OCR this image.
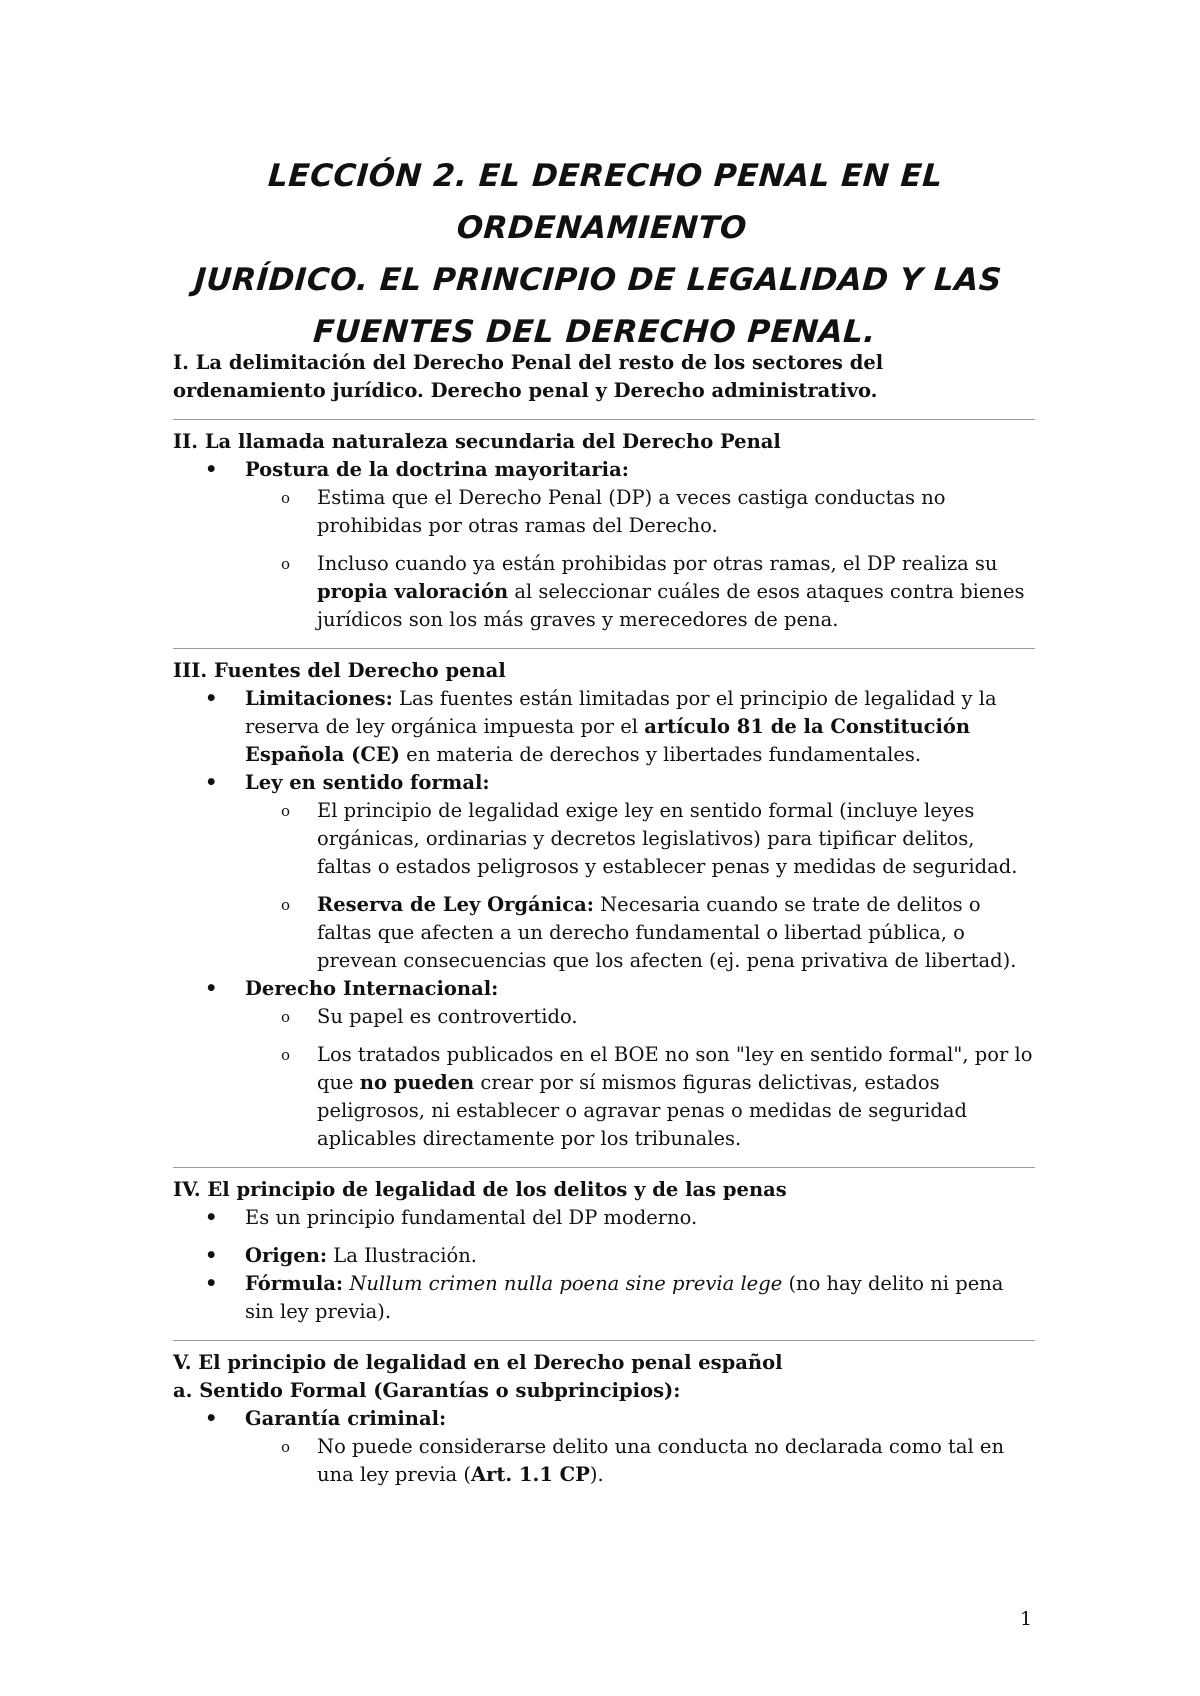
LECCIÓN 2. EL DERECHO PENAL EN EL ORDENAMIENTO
JURÍDICO. EL PRINCIPIO DE LEGALIDAD Y LAS
FUENTES DEL DERECHO PENAL.
I. La delimitación del Derecho Penal del resto de los sectores del ordenamiento jurídico. Derecho penal y Derecho administrativo.
II. La llamada naturaleza secundaria del Derecho Penal
• Postura de la doctrina mayoritaria:
o Estima que el Derecho Penal (DP) a veces castiga conductas no prohibidas por otras ramas del Derecho.
o Incluso cuando ya están prohibidas por otras ramas, el DP realiza su propia valoración al seleccionar cuáles de esos ataques contra bienes jurídicos son los más graves y merecedores de pena.
III. Fuentes del Derecho penal
• Limitaciones: Las fuentes están limitadas por el principio de legalidad y la reserva de ley orgánica impuesta por el artículo 81 de la Constitución Española (CE) en materia de derechos y libertades fundamentales.
• Ley en sentido formal:
o El principio de legalidad exige ley en sentido formal (incluye leyes orgánicas, ordinarias y decretos legislativos) para tipificar delitos, faltas o estados peligrosos y establecer penas y medidas de seguridad.
o Reserva de Ley Orgánica: Necesaria cuando se trate de delitos o faltas que afecten a un derecho fundamental o libertad pública, o prevean consecuencias que los afecten (ej. pena privativa de libertad).
• Derecho Internacional:
o Su papel es controvertido.
o Los tratados publicados en el BOE no son "ley en sentido formal", por lo que no pueden crear por sí mismos figuras delictivas, estados peligrosos, ni establecer o agravar penas o medidas de seguridad aplicables directamente por los tribunales.
IV. El principio de legalidad de los delitos y de las penas
• Es un principio fundamental del DP moderno.
• Origen: La Ilustración.
• Fórmula: Nullum crimen nulla poena sine previa lege (no hay delito ni pena sin ley previa).
V. El principio de legalidad en el Derecho penal español
a. Sentido Formal (Garantías o subprincipios):
• Garantía criminal:
o No puede considerarse delito una conducta no declarada como tal en una ley previa (Art. 1.1 CP).
1
